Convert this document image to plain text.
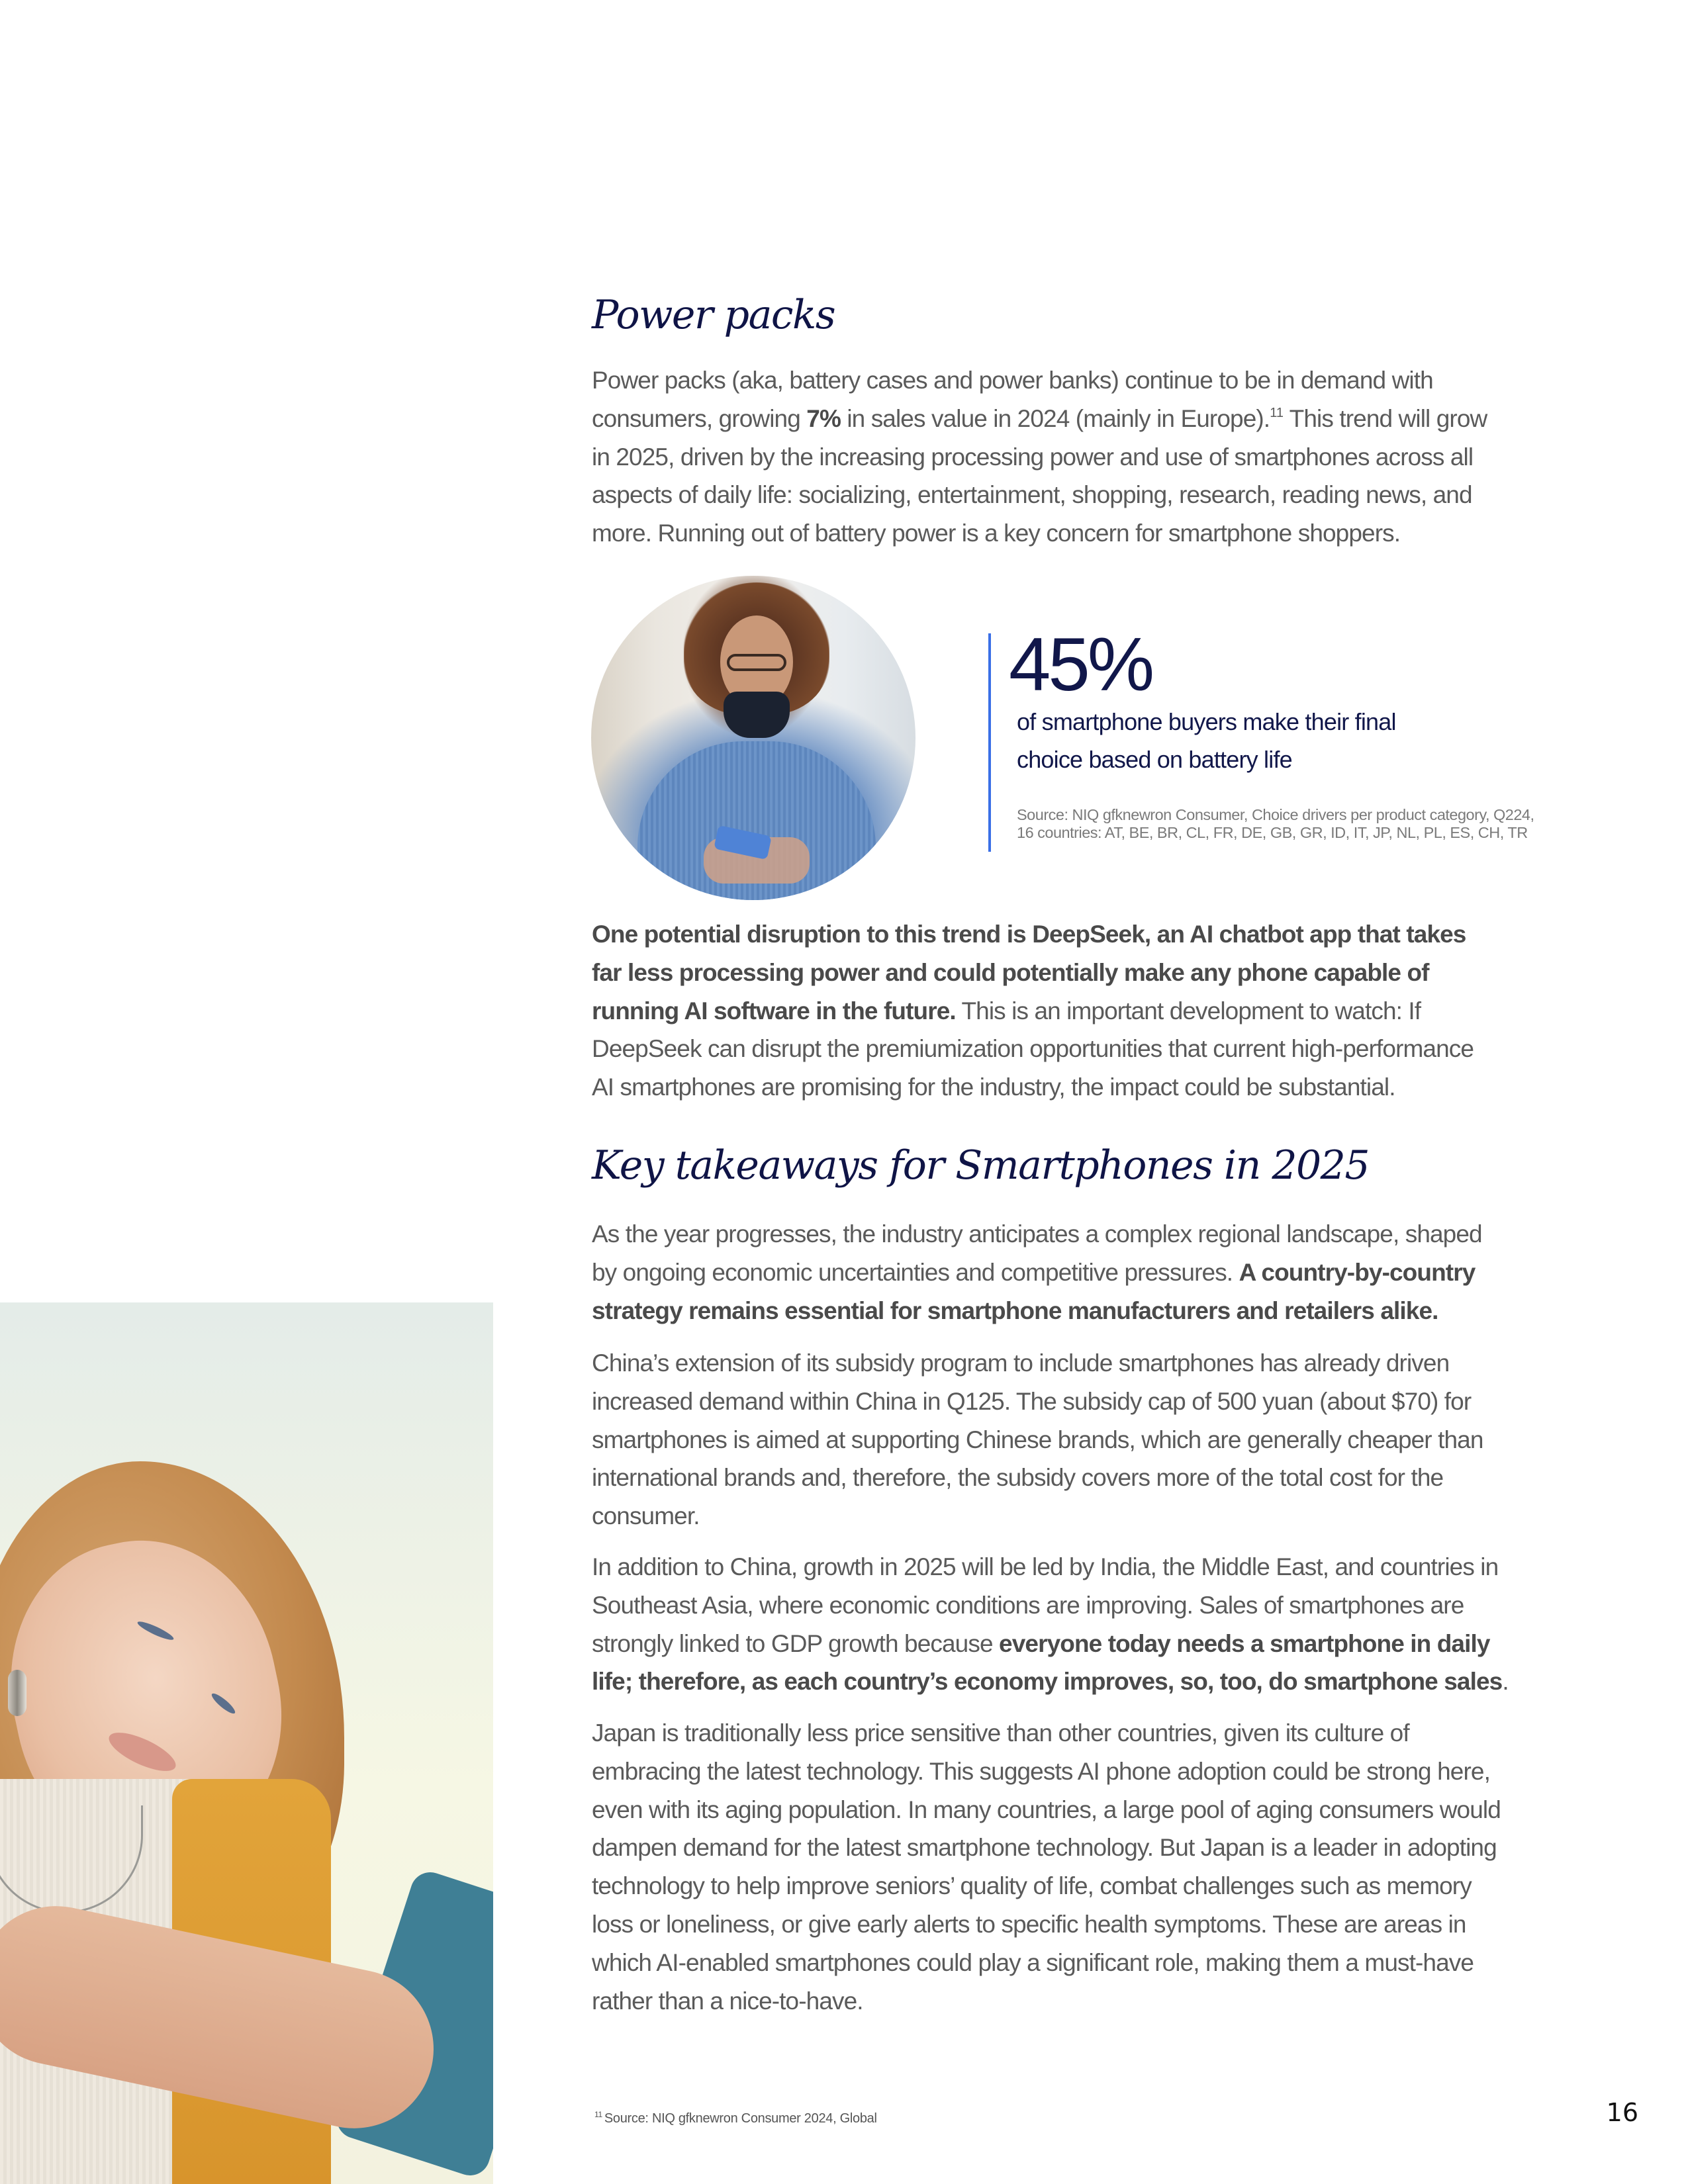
Power packs

Power packs (aka, battery cases and power banks) continue to be in demand with
consumers, growing 7% in sales value in 2024 (mainly in Europe).$^{11}$ This trend will grow
in 2025, driven by the increasing processing power and use of smartphones across all
aspects of daily life: socializing, entertainment, shopping, research, reading news, and
more. Running out of battery power is a key concern for smartphone shoppers.

45%
of smartphone buyers make their final
choice based on battery life
Source: NIQ gfknewron Consumer, Choice drivers per product category, Q224,
16 countries: AT, BE, BR, CL, FR, DE, GB, GR, ID, IT, JP, NL, PL, ES, CH, TR

One potential disruption to this trend is DeepSeek, an AI chatbot app that takes
far less processing power and could potentially make any phone capable of
running AI software in the future. This is an important development to watch: If
DeepSeek can disrupt the premiumization opportunities that current high-performance
AI smartphones are promising for the industry, the impact could be substantial.

Key takeaways for Smartphones in 2025

As the year progresses, the industry anticipates a complex regional landscape, shaped
by ongoing economic uncertainties and competitive pressures. A country-by-country
strategy remains essential for smartphone manufacturers and retailers alike.

China’s extension of its subsidy program to include smartphones has already driven
increased demand within China in Q125. The subsidy cap of 500 yuan (about $70) for
smartphones is aimed at supporting Chinese brands, which are generally cheaper than
international brands and, therefore, the subsidy covers more of the total cost for the
consumer.

In addition to China, growth in 2025 will be led by India, the Middle East, and countries in
Southeast Asia, where economic conditions are improving. Sales of smartphones are
strongly linked to GDP growth because everyone today needs a smartphone in daily
life; therefore, as each country’s economy improves, so, too, do smartphone sales.

Japan is traditionally less price sensitive than other countries, given its culture of
embracing the latest technology. This suggests AI phone adoption could be strong here,
even with its aging population. In many countries, a large pool of aging consumers would
dampen demand for the latest smartphone technology. But Japan is a leader in adopting
technology to help improve seniors’ quality of life, combat challenges such as memory
loss or loneliness, or give early alerts to specific health symptoms. These are areas in
which AI-enabled smartphones could play a significant role, making them a must-have
rather than a nice-to-have.

$^{11}$ Source: NIQ gfknewron Consumer 2024, Global	16
